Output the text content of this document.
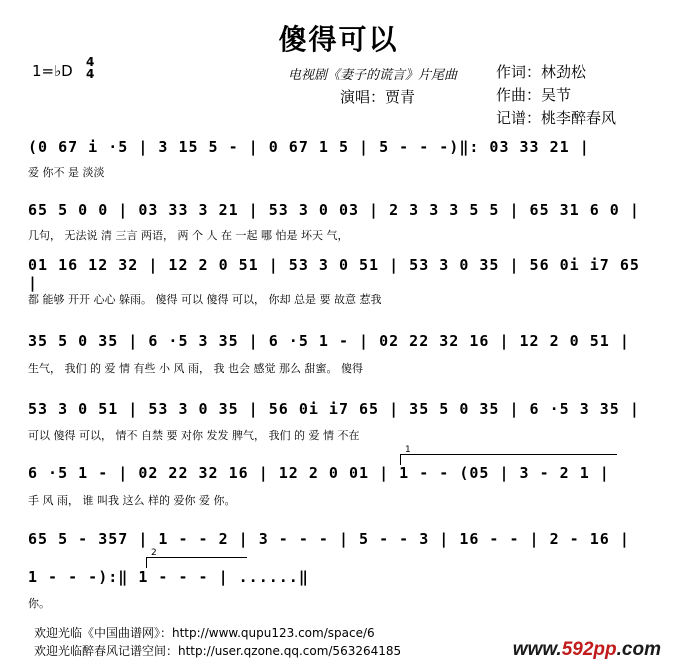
傻得可以
1=♭D 4
4	电视剧《妻子的谎言》片尾曲
演唱：贾青
作词：林劲松
作曲：吴节
记谱：桃李醉春风
(0 67 i ·5 | 3 15 5 - | 0 67 1 5 | 5 - - -)‖: 03 33 21 |
爱 你不 是 淡淡
65 5 0 0 | 03 33 3 21 | 53 3 0 03 | 2 3 3 3 5 5 | 65 31 6 0 |
几句， 无法说 清 三言 两语， 两 个 人 在 一起 哪 怕是 坏天 气，
01 16 12 32 | 12 2 0 51 | 53 3 0 51 | 53 3 0 35 | 56 0i i7 65 |
都 能够 开开 心心 躲雨。 傻得 可以 傻得 可以， 你却 总是 要 故意 惹我
35 5 0 35 | 6 ·5 3 35 | 6 ·5 1 - | 02 22 32 16 | 12 2 0 51 |
生气， 我们 的 爱 情 有些 小 风 雨， 我 也会 感觉 那么 甜蜜。 傻得
53 3 0 51 | 53 3 0 35 | 56 0i i7 65 | 35 5 0 35 | 6 ·5 3 35 |
可以 傻得 可以， 情不 自禁 要 对你 发发 脾气， 我们 的 爱 情 不在
6 ·5 1 - | 02 22 32 16 | 12 2 0 01 | 1 - - (05 | 3 - 2 1 |
1
手 风 雨， 谁 叫我 这么 样的 爱你 爱 你。
65 5 - 357 | 1 - - 2 | 3 - - - | 5 - - 3 | 16 - - | 2 - 16 |
1 - - -):‖ 1 - - - | ......‖
2
你。
欢迎光临《中国曲谱网》：http://www.qupu123.com/space/6
欢迎光临醉春风记谱空间：http://user.qzone.qq.com/563264185	www.592pp.com
